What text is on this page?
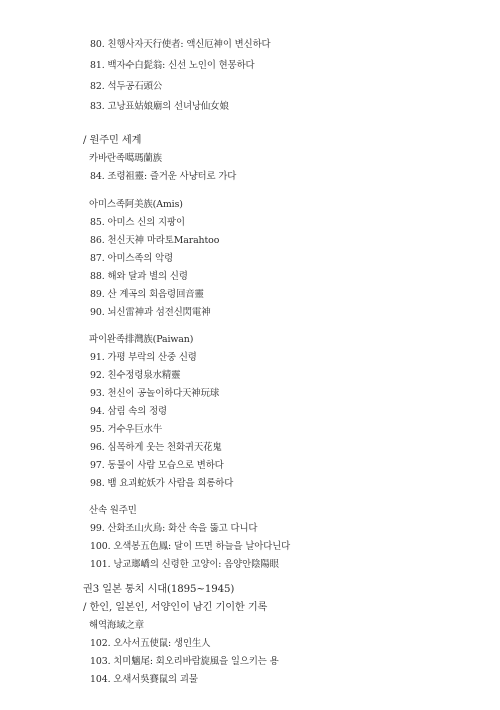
80. 친행사자天行使者: 액신厄神이 변신하다
81. 백자수白髭翁: 신선 노인이 현몽하다
82. 석두공石頭公
83. 고낭표姑娘廟의 선녀낭仙女娘
/ 원주민 세계
카바란족噶瑪蘭族
84. 조령祖靈: 즐거운 사냥터로 가다
아미스족阿美族(Amis)
85. 아미스 신의 지팡이
86. 천신天神 마라토Marahtoo
87. 아미스족의 악령
88. 해와 달과 별의 신령
89. 산 계곡의 회음령回音靈
90. 뇌신雷神과 섬전신閃電神
파이완족排灣族(Paiwan)
91. 가평 부락의 산중 신령
92. 친수정령泉水精靈
93. 천신이 공놀이하다天神玩球
94. 삼림 속의 정령
95. 거수우巨水牛
96. 심목하게 웃는 천화귀天花鬼
97. 동물이 사람 모습으로 변하다
98. 뱀 요괴蛇妖가 사람을 희롱하다
산속 원주민
99. 산화조山火鳥: 화산 속을 뚫고 다니다
100. 오색봉五色鳳: 달이 뜨면 하늘을 날아다닌다
101. 낭교瑯嶠의 신령한 고양이: 음양안陰陽眼
권3 일본 통치 시대(1895~1945)
/ 한인, 일본인, 서양인이 남긴 기이한 기록
해역海域之章
102. 오사서五使鼠: 생인生人
103. 치미魑尾: 회오리바람旋風을 일으키는 용
104. 오새서吳賽鼠의 괴물
